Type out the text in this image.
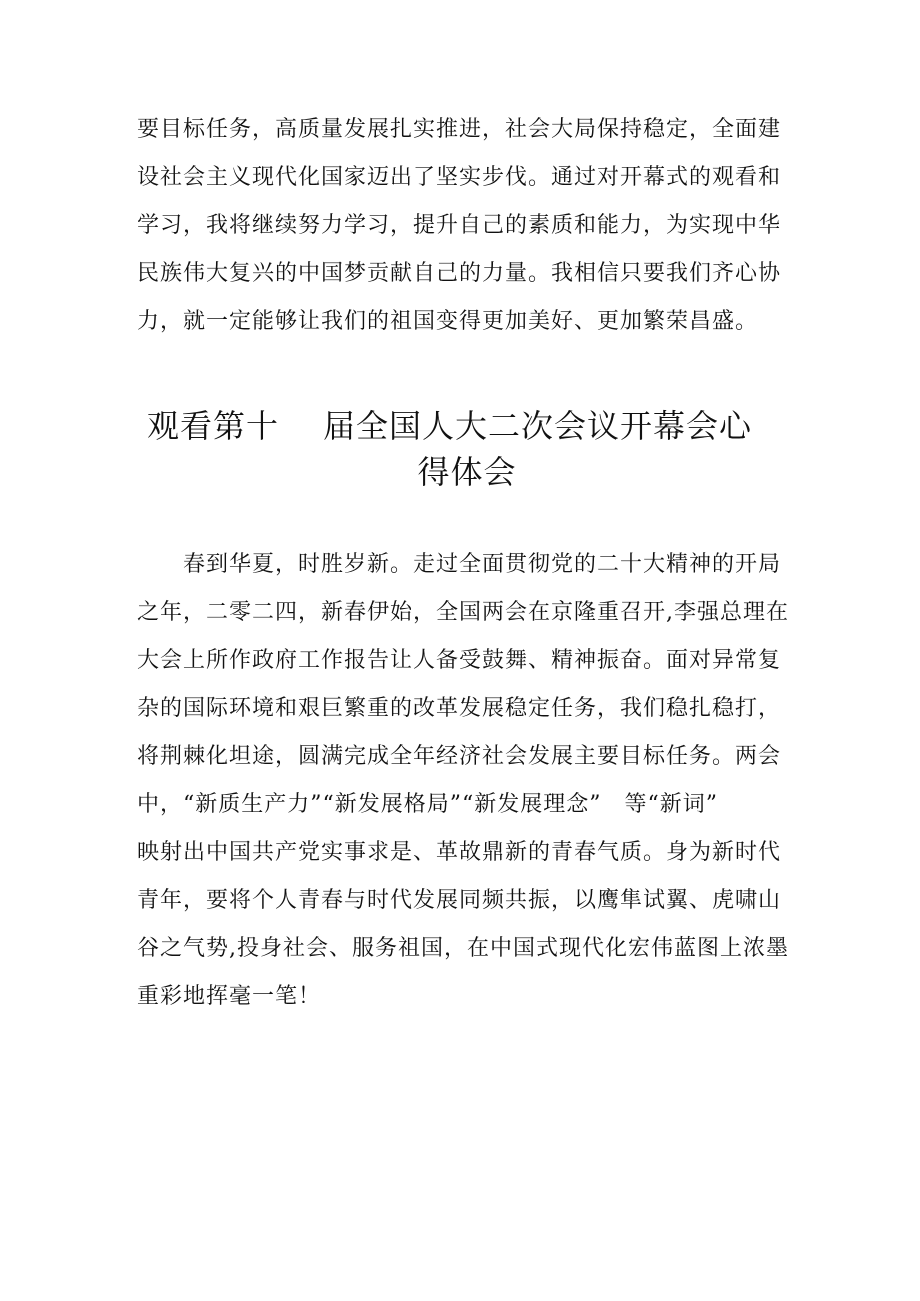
要目标任务，高质量发展扎实推进，社会大局保持稳定，全面建
设社会主义现代化国家迈出了坚实步伐。通过对开幕式的观看和
学习，我将继续努力学习，提升自己的素质和能力，为实现中华
民族伟大复兴的中国梦贡献自己的力量。我相信只要我们齐心协
力，就一定能够让我们的祖国变得更加美好、更加繁荣昌盛。
观看第十 届全国人大二次会议开幕会心
得体会
　　春到华夏，时胜岁新。走过全面贯彻党的二十大精神的开局
之年，二零二四，新春伊始，全国两会在京隆重召开,李强总理在
大会上所作政府工作报告让人备受鼓舞、精神振奋。面对异常复
杂的国际环境和艰巨繁重的改革发展稳定任务，我们稳扎稳打，
将荆棘化坦途，圆满完成全年经济社会发展主要目标任务。两会
中，“新质生产力”“新发展格局”“新发展理念”　等“新词”
映射出中国共产党实事求是、革故鼎新的青春气质。身为新时代
青年，要将个人青春与时代发展同频共振，以鹰隼试翼、虎啸山
谷之气势,投身社会、服务祖国，在中国式现代化宏伟蓝图上浓墨
重彩地挥毫一笔！
